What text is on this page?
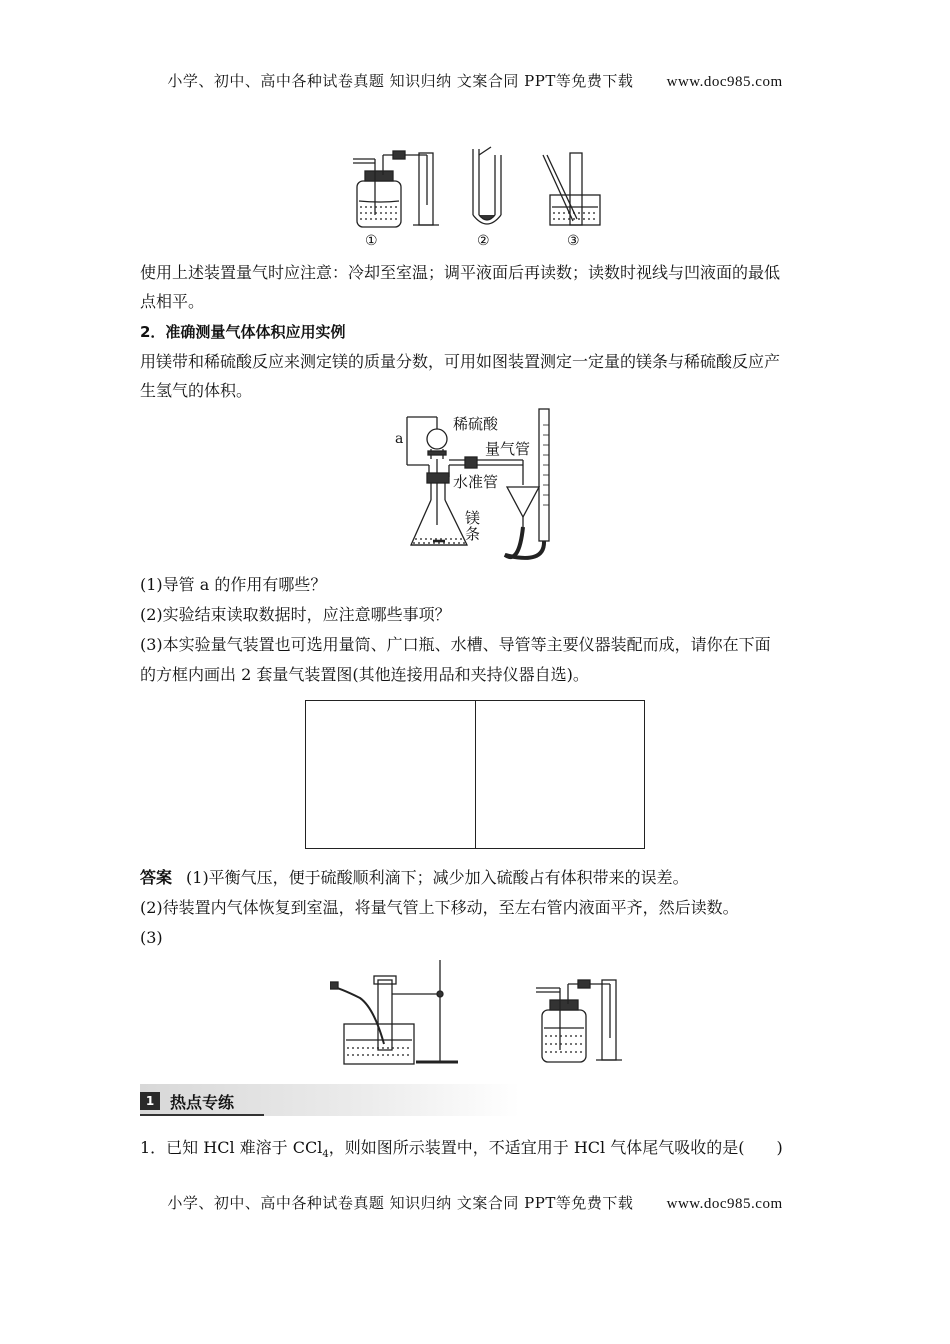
小学、初中、高中各种试卷真题 知识归纳 文案合同 PPT等免费下载 www.doc985.com
①	②	③
使用上述装置量气时应注意：冷却至室温；调平液面后再读数；读数时视线与凹液面的最低
点相平。
2．准确测量气体体积应用实例
用镁带和稀硫酸反应来测定镁的质量分数，可用如图装置测定一定量的镁条与稀硫酸反应产
生氢气的体积。
a
稀硫酸
量气管
水准管
镁
条
(1)导管 a 的作用有哪些？
(2)实验结束读取数据时，应注意哪些事项？
(3)本实验量气装置也可选用量筒、广口瓶、水槽、导管等主要仪器装配而成，请你在下面
的方框内画出 2 套量气装置图(其他连接用品和夹持仪器自选)。
答案 (1)平衡气压，便于硫酸顺利滴下；减少加入硫酸占有体积带来的误差。
(2)待装置内气体恢复到室温，将量气管上下移动，至左右管内液面平齐，然后读数。
(3)
1 热点专练
1．已知 HCl 难溶于 CCl$_4$，则如图所示装置中，不适宜用于 HCl 气体尾气吸收的是(　　)
小学、初中、高中各种试卷真题 知识归纳 文案合同 PPT等免费下载 www.doc985.com
